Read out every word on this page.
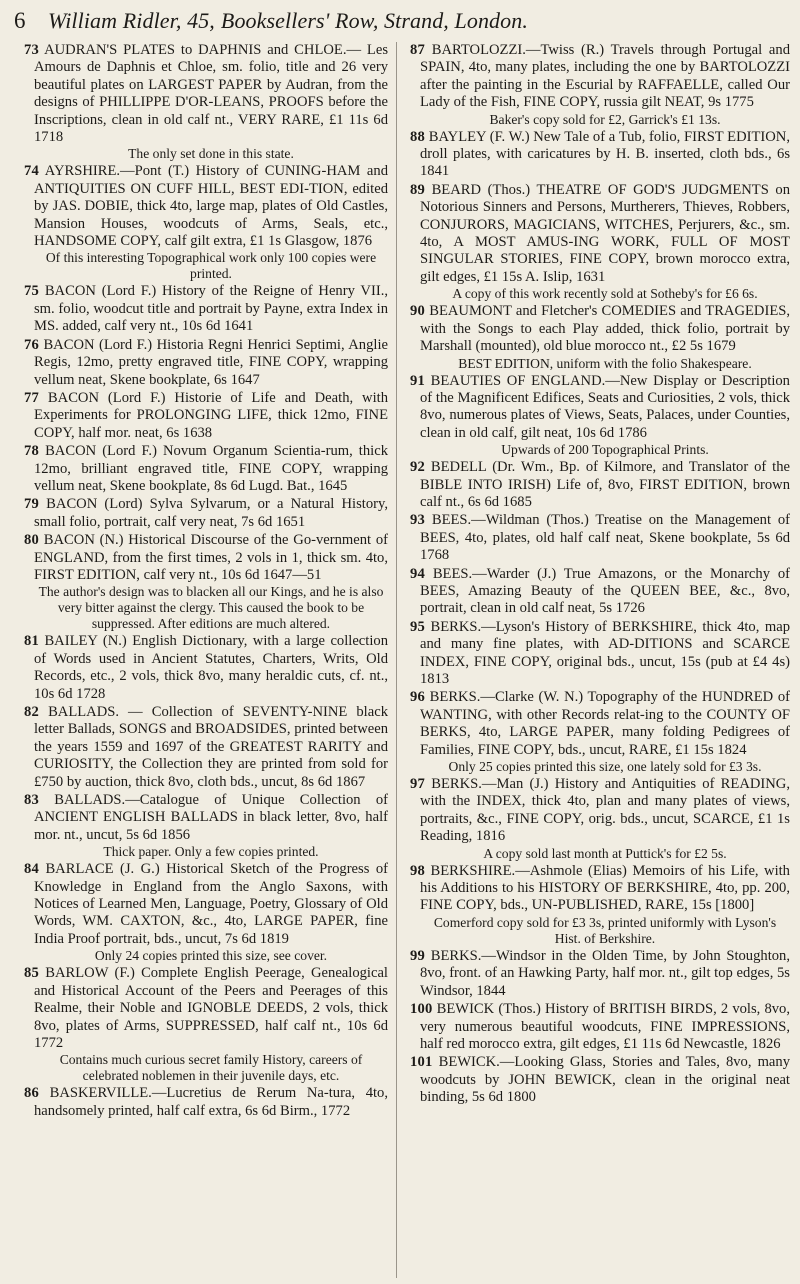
6	William Ridler, 45, Booksellers' Row, Strand, London.
73 AUDRAN'S PLATES to DAPHNIS and CHLOE.— Les Amours de Daphnis et Chloe, sm. folio, title and 26 very beautiful plates on LARGEST PAPER by Audran, from the designs of PHILLIPPE D'OR-LEANS, PROOFS before the Inscriptions, clean in old calf nt., VERY RARE, £1 11s 6d 1718
The only set done in this state.
74 AYRSHIRE.—Pont (T.) History of CUNING-HAM and ANTIQUITIES ON CUFF HILL, BEST EDI-TION, edited by JAS. DOBIE, thick 4to, large map, plates of Old Castles, Mansion Houses, woodcuts of Arms, Seals, etc., HANDSOME COPY, calf gilt extra, £1 1s Glasgow, 1876
Of this interesting Topographical work only 100 copies were printed.
75 BACON (Lord F.) History of the Reigne of Henry VII., sm. folio, woodcut title and portrait by Payne, extra Index in MS. added, calf very nt., 10s 6d 1641
76 BACON (Lord F.) Historia Regni Henrici Septimi, Anglie Regis, 12mo, pretty engraved title, FINE COPY, wrapping vellum neat, Skene bookplate, 6s 1647
77 BACON (Lord F.) Historie of Life and Death, with Experiments for PROLONGING LIFE, thick 12mo, FINE COPY, half mor. neat, 6s 1638
78 BACON (Lord F.) Novum Organum Scientia-rum, thick 12mo, brilliant engraved title, FINE COPY, wrapping vellum neat, Skene bookplate, 8s 6d Lugd. Bat., 1645
79 BACON (Lord) Sylva Sylvarum, or a Natural History, small folio, portrait, calf very neat, 7s 6d 1651
80 BACON (N.) Historical Discourse of the Go-vernment of ENGLAND, from the first times, 2 vols in 1, thick sm. 4to, FIRST EDITION, calf very nt., 10s 6d 1647—51
The author's design was to blacken all our Kings, and he is also very bitter against the clergy. This caused the book to be suppressed. After editions are much altered.
81 BAILEY (N.) English Dictionary, with a large collection of Words used in Ancient Statutes, Charters, Writs, Old Records, etc., 2 vols, thick 8vo, many heraldic cuts, cf. nt., 10s 6d 1728
82 BALLADS. — Collection of SEVENTY-NINE black letter Ballads, SONGS and BROADSIDES, printed between the years 1559 and 1697 of the GREATEST RARITY and CURIOSITY, the Collection they are printed from sold for £750 by auction, thick 8vo, cloth bds., uncut, 8s 6d 1867
83 BALLADS.—Catalogue of Unique Collection of ANCIENT ENGLISH BALLADS in black letter, 8vo, half mor. nt., uncut, 5s 6d 1856
Thick paper. Only a few copies printed.
84 BARLACE (J. G.) Historical Sketch of the Progress of Knowledge in England from the Anglo Saxons, with Notices of Learned Men, Language, Poetry, Glossary of Old Words, WM. CAXTON, &c., 4to, LARGE PAPER, fine India Proof portrait, bds., uncut, 7s 6d 1819
Only 24 copies printed this size, see cover.
85 BARLOW (F.) Complete English Peerage, Genealogical and Historical Account of the Peers and Peerages of this Realme, their Noble and IGNOBLE DEEDS, 2 vols, thick 8vo, plates of Arms, SUPPRESSED, half calf nt., 10s 6d 1772
Contains much curious secret family History, careers of celebrated noblemen in their juvenile days, etc.
86 BASKERVILLE.—Lucretius de Rerum Na-tura, 4to, handsomely printed, half calf extra, 6s 6d Birm., 1772
87 BARTOLOZZI.—Twiss (R.) Travels through Portugal and SPAIN, 4to, many plates, including the one by BARTOLOZZI after the painting in the Escurial by RAFFAELLE, called Our Lady of the Fish, FINE COPY, russia gilt NEAT, 9s 1775
Baker's copy sold for £2, Garrick's £1 13s.
88 BAYLEY (F. W.) New Tale of a Tub, folio, FIRST EDITION, droll plates, with caricatures by H. B. inserted, cloth bds., 6s 1841
89 BEARD (Thos.) THEATRE OF GOD'S JUDGMENTS on Notorious Sinners and Persons, Murtherers, Thieves, Robbers, CONJURORS, MAGICIANS, WITCHES, Perjurers, &c., sm. 4to, A MOST AMUS-ING WORK, FULL OF MOST SINGULAR STORIES, FINE COPY, brown morocco extra, gilt edges, £1 15s A. Islip, 1631
A copy of this work recently sold at Sotheby's for £6 6s.
90 BEAUMONT and Fletcher's COMEDIES and TRAGEDIES, with the Songs to each Play added, thick folio, portrait by Marshall (mounted), old blue morocco nt., £2 5s 1679
BEST EDITION, uniform with the folio Shakespeare.
91 BEAUTIES OF ENGLAND.—New Display or Description of the Magnificent Edifices, Seats and Curiosities, 2 vols, thick 8vo, numerous plates of Views, Seats, Palaces, under Counties, clean in old calf, gilt neat, 10s 6d 1786
Upwards of 200 Topographical Prints.
92 BEDELL (Dr. Wm., Bp. of Kilmore, and Translator of the BIBLE INTO IRISH) Life of, 8vo, FIRST EDITION, brown calf nt., 6s 6d 1685
93 BEES.—Wildman (Thos.) Treatise on the Management of BEES, 4to, plates, old half calf neat, Skene bookplate, 5s 6d 1768
94 BEES.—Warder (J.) True Amazons, or the Monarchy of BEES, Amazing Beauty of the QUEEN BEE, &c., 8vo, portrait, clean in old calf neat, 5s 1726
95 BERKS.—Lyson's History of BERKSHIRE, thick 4to, map and many fine plates, with AD-DITIONS and SCARCE INDEX, FINE COPY, original bds., uncut, 15s (pub at £4 4s) 1813
96 BERKS.—Clarke (W. N.) Topography of the HUNDRED of WANTING, with other Records relat-ing to the COUNTY OF BERKS, 4to, LARGE PAPER, many folding Pedigrees of Families, FINE COPY, bds., uncut, RARE, £1 15s 1824
Only 25 copies printed this size, one lately sold for £3 3s.
97 BERKS.—Man (J.) History and Antiquities of READING, with the INDEX, thick 4to, plan and many plates of views, portraits, &c., FINE COPY, orig. bds., uncut, SCARCE, £1 1s Reading, 1816
A copy sold last month at Puttick's for £2 5s.
98 BERKSHIRE.—Ashmole (Elias) Memoirs of his Life, with his Additions to his HISTORY OF BERKSHIRE, 4to, pp. 200, FINE COPY, bds., UN-PUBLISHED, RARE, 15s [1800]
Comerford copy sold for £3 3s, printed uniformly with Lyson's Hist. of Berkshire.
99 BERKS.—Windsor in the Olden Time, by John Stoughton, 8vo, front. of an Hawking Party, half mor. nt., gilt top edges, 5s Windsor, 1844
100 BEWICK (Thos.) History of BRITISH BIRDS, 2 vols, 8vo, very numerous beautiful woodcuts, FINE IMPRESSIONS, half red morocco extra, gilt edges, £1 11s 6d Newcastle, 1826
101 BEWICK.—Looking Glass, Stories and Tales, 8vo, many woodcuts by JOHN BEWICK, clean in the original neat binding, 5s 6d 1800
